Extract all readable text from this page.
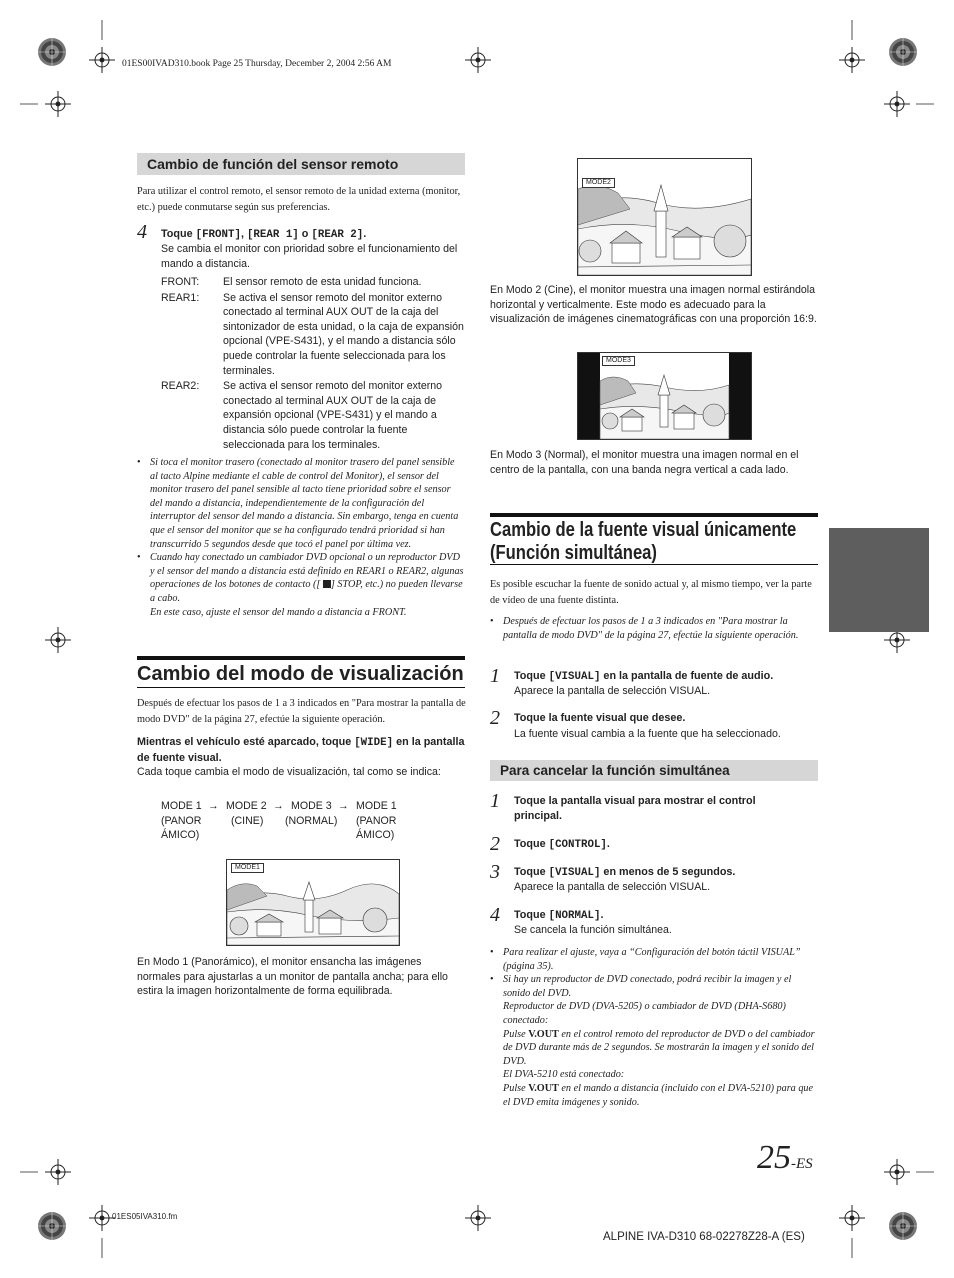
01ES00IVAD310.book Page 25 Thursday, December 2, 2004 2:56 AM
Cambio de función del sensor remoto
Para utilizar el control remoto, el sensor remoto de la unidad externa (monitor, etc.) puede conmutarse según sus preferencias.
4 Toque [FRONT], [REAR 1] o [REAR 2].
Se cambia el monitor con prioridad sobre el funcionamiento del mando a distancia.
FRONT:	El sensor remoto de esta unidad funciona.
REAR1:	Se activa el sensor remoto del monitor externo conectado al terminal AUX OUT de la caja del sintonizador de esta unidad, o la caja de expansión opcional (VPE-S431), y el mando a distancia sólo puede controlar la fuente seleccionada para los terminales.
REAR2:	Se activa el sensor remoto del monitor externo conectado al terminal AUX OUT de la caja de expansión opcional (VPE-S431) y el mando a distancia sólo puede controlar la fuente seleccionada para los terminales.
• Si toca el monitor trasero (conectado al monitor trasero del panel sensible al tacto Alpine mediante el cable de control del Monitor), el sensor del monitor trasero del panel sensible al tacto tiene prioridad sobre el sensor del mando a distancia, independientemente de la configuración del interruptor del sensor del mando a distancia. Sin embargo, tenga en cuenta que el sensor del monitor que se ha configurado tendrá prioridad si han transcurrido 5 segundos desde que tocó el panel por última vez.
• Cuando hay conectado un cambiador DVD opcional o un reproductor DVD y el sensor del mando a distancia está definido en REAR1 o REAR2, algunas operaciones de los botones de contacto ([ ] STOP, etc.) no pueden llevarse a cabo.
En este caso, ajuste el sensor del mando a distancia a FRONT.
Cambio del modo de visualización
Después de efectuar los pasos de 1 a 3 indicados en "Para mostrar la pantalla de modo DVD" de la página 27, efectúe la siguiente operación.
Mientras el vehículo esté aparcado, toque [WIDE] en la pantalla de fuente visual.
Cada toque cambia el modo de visualización, tal como se indica:
MODE 1
(PANOR
ÁMICO)
→ MODE 2
(CINE)
→ MODE 3
(NORMAL)
→ MODE 1
(PANOR
ÁMICO)
MODE1
En Modo 1 (Panorámico), el monitor ensancha las imágenes normales para ajustarlas a un monitor de pantalla ancha; para ello estira la imagen horizontalmente de forma equilibrada.
MODE2
En Modo 2 (Cine), el monitor muestra una imagen normal estirándola horizontal y verticalmente. Este modo es adecuado para la visualización de imágenes cinematográficas con una proporción 16:9.
MODE3
En Modo 3 (Normal), el monitor muestra una imagen normal en el centro de la pantalla, con una banda negra vertical a cada lado.
Cambio de la fuente visual únicamente
(Función simultánea)
Es posible escuchar la fuente de sonido actual y, al mismo tiempo, ver la parte de vídeo de una fuente distinta.
• Después de efectuar los pasos de 1 a 3 indicados en "Para mostrar la pantalla de modo DVD" de la página 27, efectúe la siguiente operación.
1 Toque [VISUAL] en la pantalla de fuente de audio.
Aparece la pantalla de selección VISUAL.
2 Toque la fuente visual que desee.
La fuente visual cambia a la fuente que ha seleccionado.
Para cancelar la función simultánea
1 Toque la pantalla visual para mostrar el control principal.
2 Toque [CONTROL].
3 Toque [VISUAL] en menos de 5 segundos.
Aparece la pantalla de selección VISUAL.
4 Toque [NORMAL].
Se cancela la función simultánea.
• Para realizar el ajuste, vaya a “Configuración del botón táctil VISUAL” (página 35).
• Si hay un reproductor de DVD conectado, podrá recibir la imagen y el sonido del DVD.
Reproductor de DVD (DVA-5205) o cambiador de DVD (DHA-S680) conectado:
Pulse V.OUT en el control remoto del reproductor de DVD o del cambiador de DVD durante más de 2 segundos. Se mostrarán la imagen y el sonido del DVD.
El DVA-5210 está conectado:
Pulse V.OUT en el mando a distancia (incluido con el DVA-5210) para que el DVD emita imágenes y sonido.
25-ES
01ES05IVA310.fm
ALPINE IVA-D310 68-02278Z28-A (ES)
